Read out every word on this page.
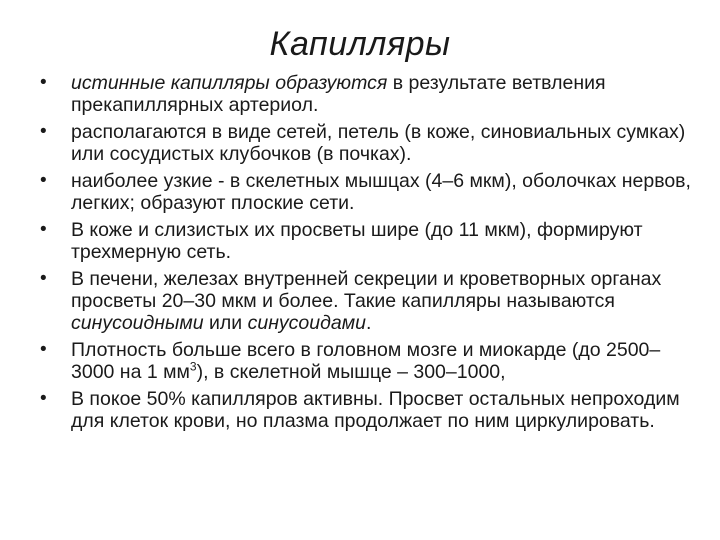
Капилляры
• истинные капилляры образуются в результате ветвления прекапиллярных артериол.
• располагаются в виде сетей, петель (в коже, синовиальных сумках) или сосудистых клубочков (в почках).
• наиболее узкие - в скелетных мышцах (4–6 мкм), оболочках нервов, легких; образуют плоские сети.
• В коже и слизистых их просветы шире (до 11 мкм), формируют трехмерную сеть.
• В печени, железах внутренней секреции и кроветворных органах просветы 20–30 мкм и более. Такие капилляры называются синусоидными или синусоидами.
• Плотность больше всего в головном мозге и миокарде (до 2500–3000 на 1 $мм^3$), в скелетной мышце – 300–1000,
• В покое 50% капилляров активны. Просвет остальных непроходим для клеток крови, но плазма продолжает по ним циркулировать.
